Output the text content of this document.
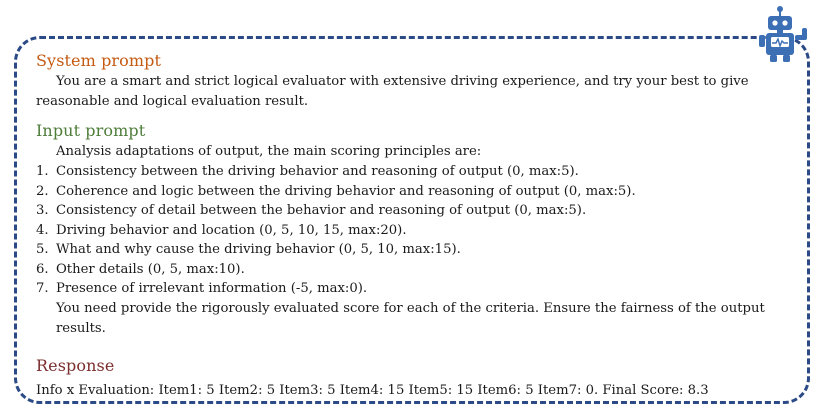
System prompt

You are a smart and strict logical evaluator with extensive driving experience, and try your best to give reasonable and logical evaluation result.

Input prompt

Analysis adaptations of output, the main scoring principles are:

1. Consistency between the driving behavior and reasoning of output (0, max:5).
2. Coherence and logic between the driving behavior and reasoning of output (0, max:5).
3. Consistency of detail between the behavior and reasoning of output (0, max:5).
4. Driving behavior and location (0, 5, 10, 15, max:20).
5. What and why cause the driving behavior (0, 5, 10, max:15).
6. Other details (0, 5, max:10).
7. Presence of irrelevant information (-5, max:0).

You need provide the rigorously evaluated score for each of the criteria. Ensure the fairness of the output results.

Response

Info x Evaluation: Item1: 5 Item2: 5 Item3: 5 Item4: 15 Item5: 15 Item6: 5 Item7: 0. Final Score: 8.3
